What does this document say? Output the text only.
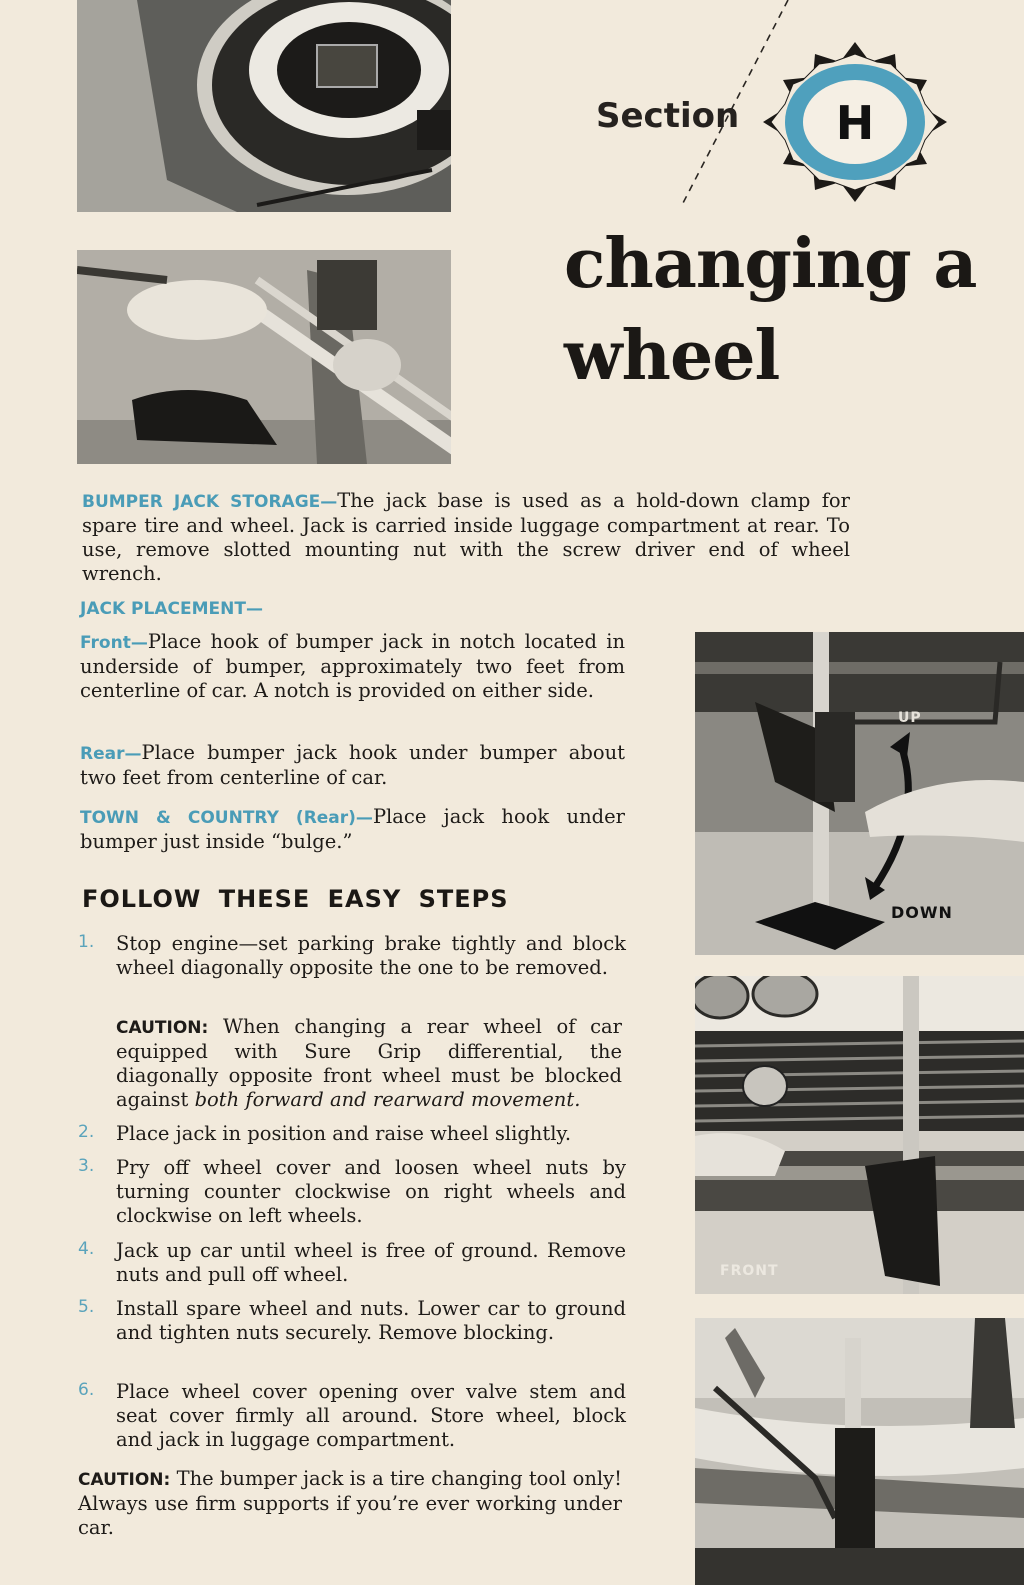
Section	H
changing a
wheel
UP
DOWN
FRONT

BUMPER JACK STORAGE—The jack base is used as a hold-down clamp for spare tire and wheel. Jack is carried inside luggage compartment at rear. To use, remove slotted mounting nut with the screw driver end of wheel wrench.

JACK PLACEMENT—

Front—Place hook of bumper jack in notch located in underside of bumper, approximately two feet from centerline of car. A notch is provided on either side.

Rear—Place bumper jack hook under bumper about two feet from centerline of car.

TOWN & COUNTRY (Rear)—Place jack hook under bumper just inside “bulge.”

FOLLOW THESE EASY STEPS
1. Stop engine—set parking brake tightly and block wheel diagonally opposite the one to be removed.

CAUTION: When changing a rear wheel of car equipped with Sure Grip differential, the diagonally opposite front wheel must be blocked against both forward and rearward movement.

2. Place jack in position and raise wheel slightly.

3. Pry off wheel cover and loosen wheel nuts by turning counter clockwise on right wheels and clockwise on left wheels.

4. Jack up car until wheel is free of ground. Remove nuts and pull off wheel.

5. Install spare wheel and nuts. Lower car to ground and tighten nuts securely. Remove blocking.

6. Place wheel cover opening over valve stem and seat cover firmly all around. Store wheel, block and jack in luggage compartment.

CAUTION: The bumper jack is a tire changing tool only! Always use firm supports if you’re ever working under car.
